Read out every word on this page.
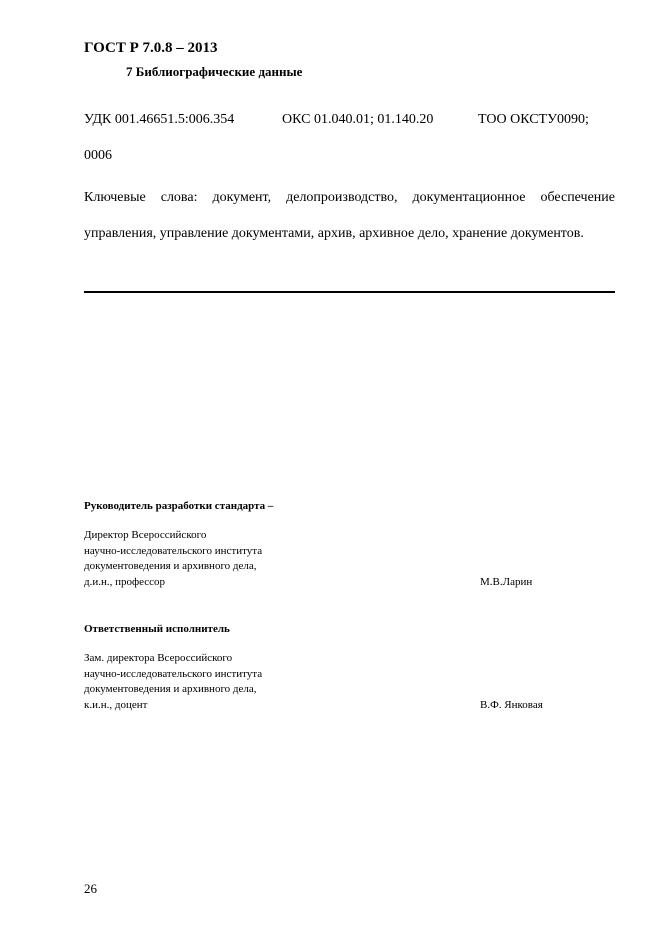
ГОСТ Р 7.0.8 – 2013
7 Библиографические данные
УДК 001.46651.5:006.354	ОКС 01.040.01; 01.140.20	ТОО ОКСТУ0090;
0006
Ключевые слова: документ, делопроизводство, документационное обеспечение управления, управление документами, архив, архивное дело, хранение документов.
Руководитель разработки стандарта –
Директор Всероссийского
научно-исследовательского института
документоведения и архивного дела,
д.и.н., профессор	М.В.Ларин
Ответственный исполнитель
Зам. директора Всероссийского
научно-исследовательского института
документоведения и архивного дела,
к.и.н., доцент	В.Ф. Янковая
26
